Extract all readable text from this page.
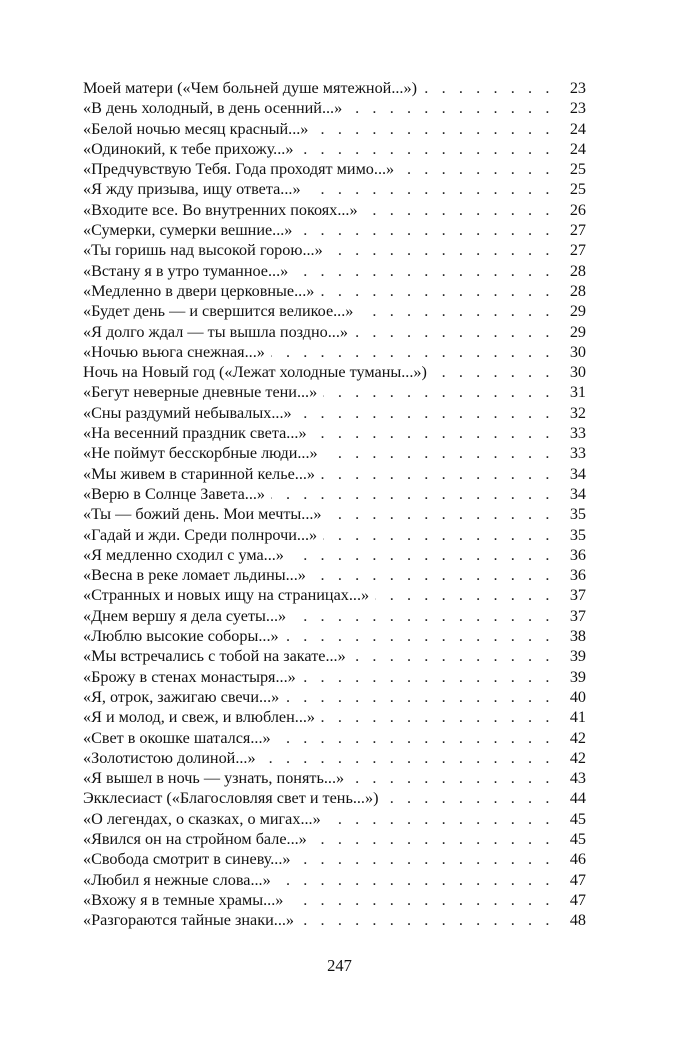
Моей матери («Чем больней душе мятежной...») . . .	23
«В день холодный, в день осенний...» . . .	23
«Белой ночью месяц красный...» . . .	24
«Одинокий, к тебе прихожу...» . . .	24
«Предчувствую Тебя. Года проходят мимо...» . . .	25
«Я жду призыва, ищу ответа...» . . .	25
«Входите все. Во внутренних покоях...» . . .	26
«Сумерки, сумерки вешние...» . . .	27
«Ты горишь над высокой горою...» . . .	27
«Встану я в утро туманное...» . . .	28
«Медленно в двери церковные...» . . .	28
«Будет день — и свершится великое...» . . .	29
«Я долго ждал — ты вышла поздно...» . . .	29
«Ночью вьюга снежная...» . . .	30
Ночь на Новый год («Лежат холодные туманы...») . . .	30
«Бегут неверные дневные тени...» . . .	31
«Сны раздумий небывалых...» . . .	32
«На весенний праздник света...» . . .	33
«Не поймут бесскорбные люди...» . . .	33
«Мы живем в старинной келье...» . . .	34
«Верю в Солнце Завета...» . . .	34
«Ты — божий день. Мои мечты...» . . .	35
«Гадай и жди. Среди полнрочи...» . . .	35
«Я медленно сходил с ума...» . . .	36
«Весна в реке ломает льдины...» . . .	36
«Странных и новых ищу на страницах...» . . .	37
«Днем вершу я дела суеты...» . . .	37
«Люблю высокие соборы...» . . .	38
«Мы встречались с тобой на закате...» . . .	39
«Брожу в стенах монастыря...» . . .	39
«Я, отрок, зажигаю свечи...» . . .	40
«Я и молод, и свеж, и влюблен...» . . .	41
«Свет в окошке шатался...» . . .	42
«Золотистою долиной...» . . .	42
«Я вышел в ночь — узнать, понять...» . . .	43
Экклесиаст («Благословляя свет и тень...») . . .	44
«О легендах, о сказках, о мигах...» . . .	45
«Явился он на стройном бале...» . . .	45
«Свобода смотрит в синеву...» . . .	46
«Любил я нежные слова...» . . .	47
«Вхожу я в темные храмы...» . . .	47
«Разгораются тайные знаки...» . . .	48
247
